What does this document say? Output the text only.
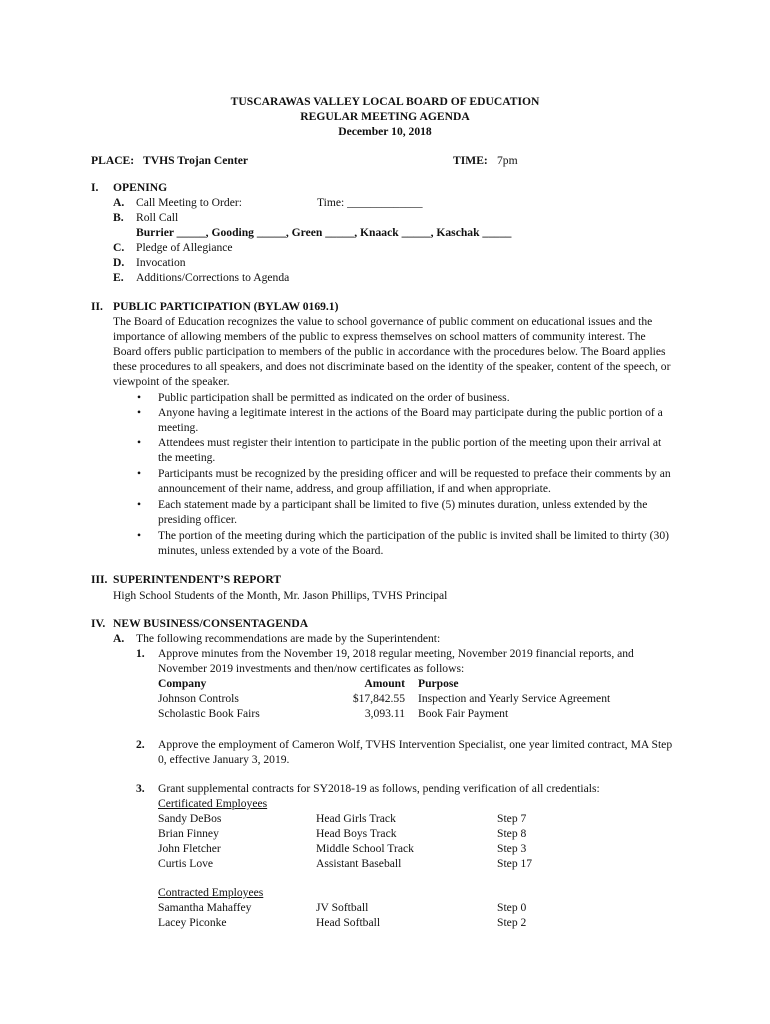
TUSCARAWAS VALLEY LOCAL BOARD OF EDUCATION
REGULAR MEETING AGENDA
December 10, 2018
PLACE: TVHS Trojan Center	TIME: 7pm
I. OPENING
A. Call Meeting to Order:	Time: _____________
B. Roll Call
Burrier _____, Gooding _____, Green _____, Knaack _____, Kaschak _____
C. Pledge of Allegiance
D. Invocation
E. Additions/Corrections to Agenda
II. PUBLIC PARTICIPATION (BYLAW 0169.1)
The Board of Education recognizes the value to school governance of public comment on educational issues and the importance of allowing members of the public to express themselves on school matters of community interest. The Board offers public participation to members of the public in accordance with the procedures below. The Board applies these procedures to all speakers, and does not discriminate based on the identity of the speaker, content of the speech, or viewpoint of the speaker.
• Public participation shall be permitted as indicated on the order of business.
• Anyone having a legitimate interest in the actions of the Board may participate during the public portion of a meeting.
• Attendees must register their intention to participate in the public portion of the meeting upon their arrival at the meeting.
• Participants must be recognized by the presiding officer and will be requested to preface their comments by an announcement of their name, address, and group affiliation, if and when appropriate.
• Each statement made by a participant shall be limited to five (5) minutes duration, unless extended by the presiding officer.
• The portion of the meeting during which the participation of the public is invited shall be limited to thirty (30) minutes, unless extended by a vote of the Board.
III. SUPERINTENDENT’S REPORT
High School Students of the Month, Mr. Jason Phillips, TVHS Principal
IV. NEW BUSINESS/CONSENTAGENDA
A. The following recommendations are made by the Superintendent:
1. Approve minutes from the November 19, 2018 regular meeting, November 2019 financial reports, and November 2019 investments and then/now certificates as follows:
Company	Amount Purpose
Johnson Controls	$17,842.55 Inspection and Yearly Service Agreement
Scholastic Book Fairs	3,093.11 Book Fair Payment
2. Approve the employment of Cameron Wolf, TVHS Intervention Specialist, one year limited contract, MA Step 0, effective January 3, 2019.
3. Grant supplemental contracts for SY2018-19 as follows, pending verification of all credentials:
Certificated Employees
Sandy DeBos	Head Girls Track	Step 7
Brian Finney	Head Boys Track	Step 8
John Fletcher	Middle School Track	Step 3
Curtis Love	Assistant Baseball	Step 17
Contracted Employees
Samantha Mahaffey	JV Softball	Step 0
Lacey Piconke	Head Softball	Step 2
